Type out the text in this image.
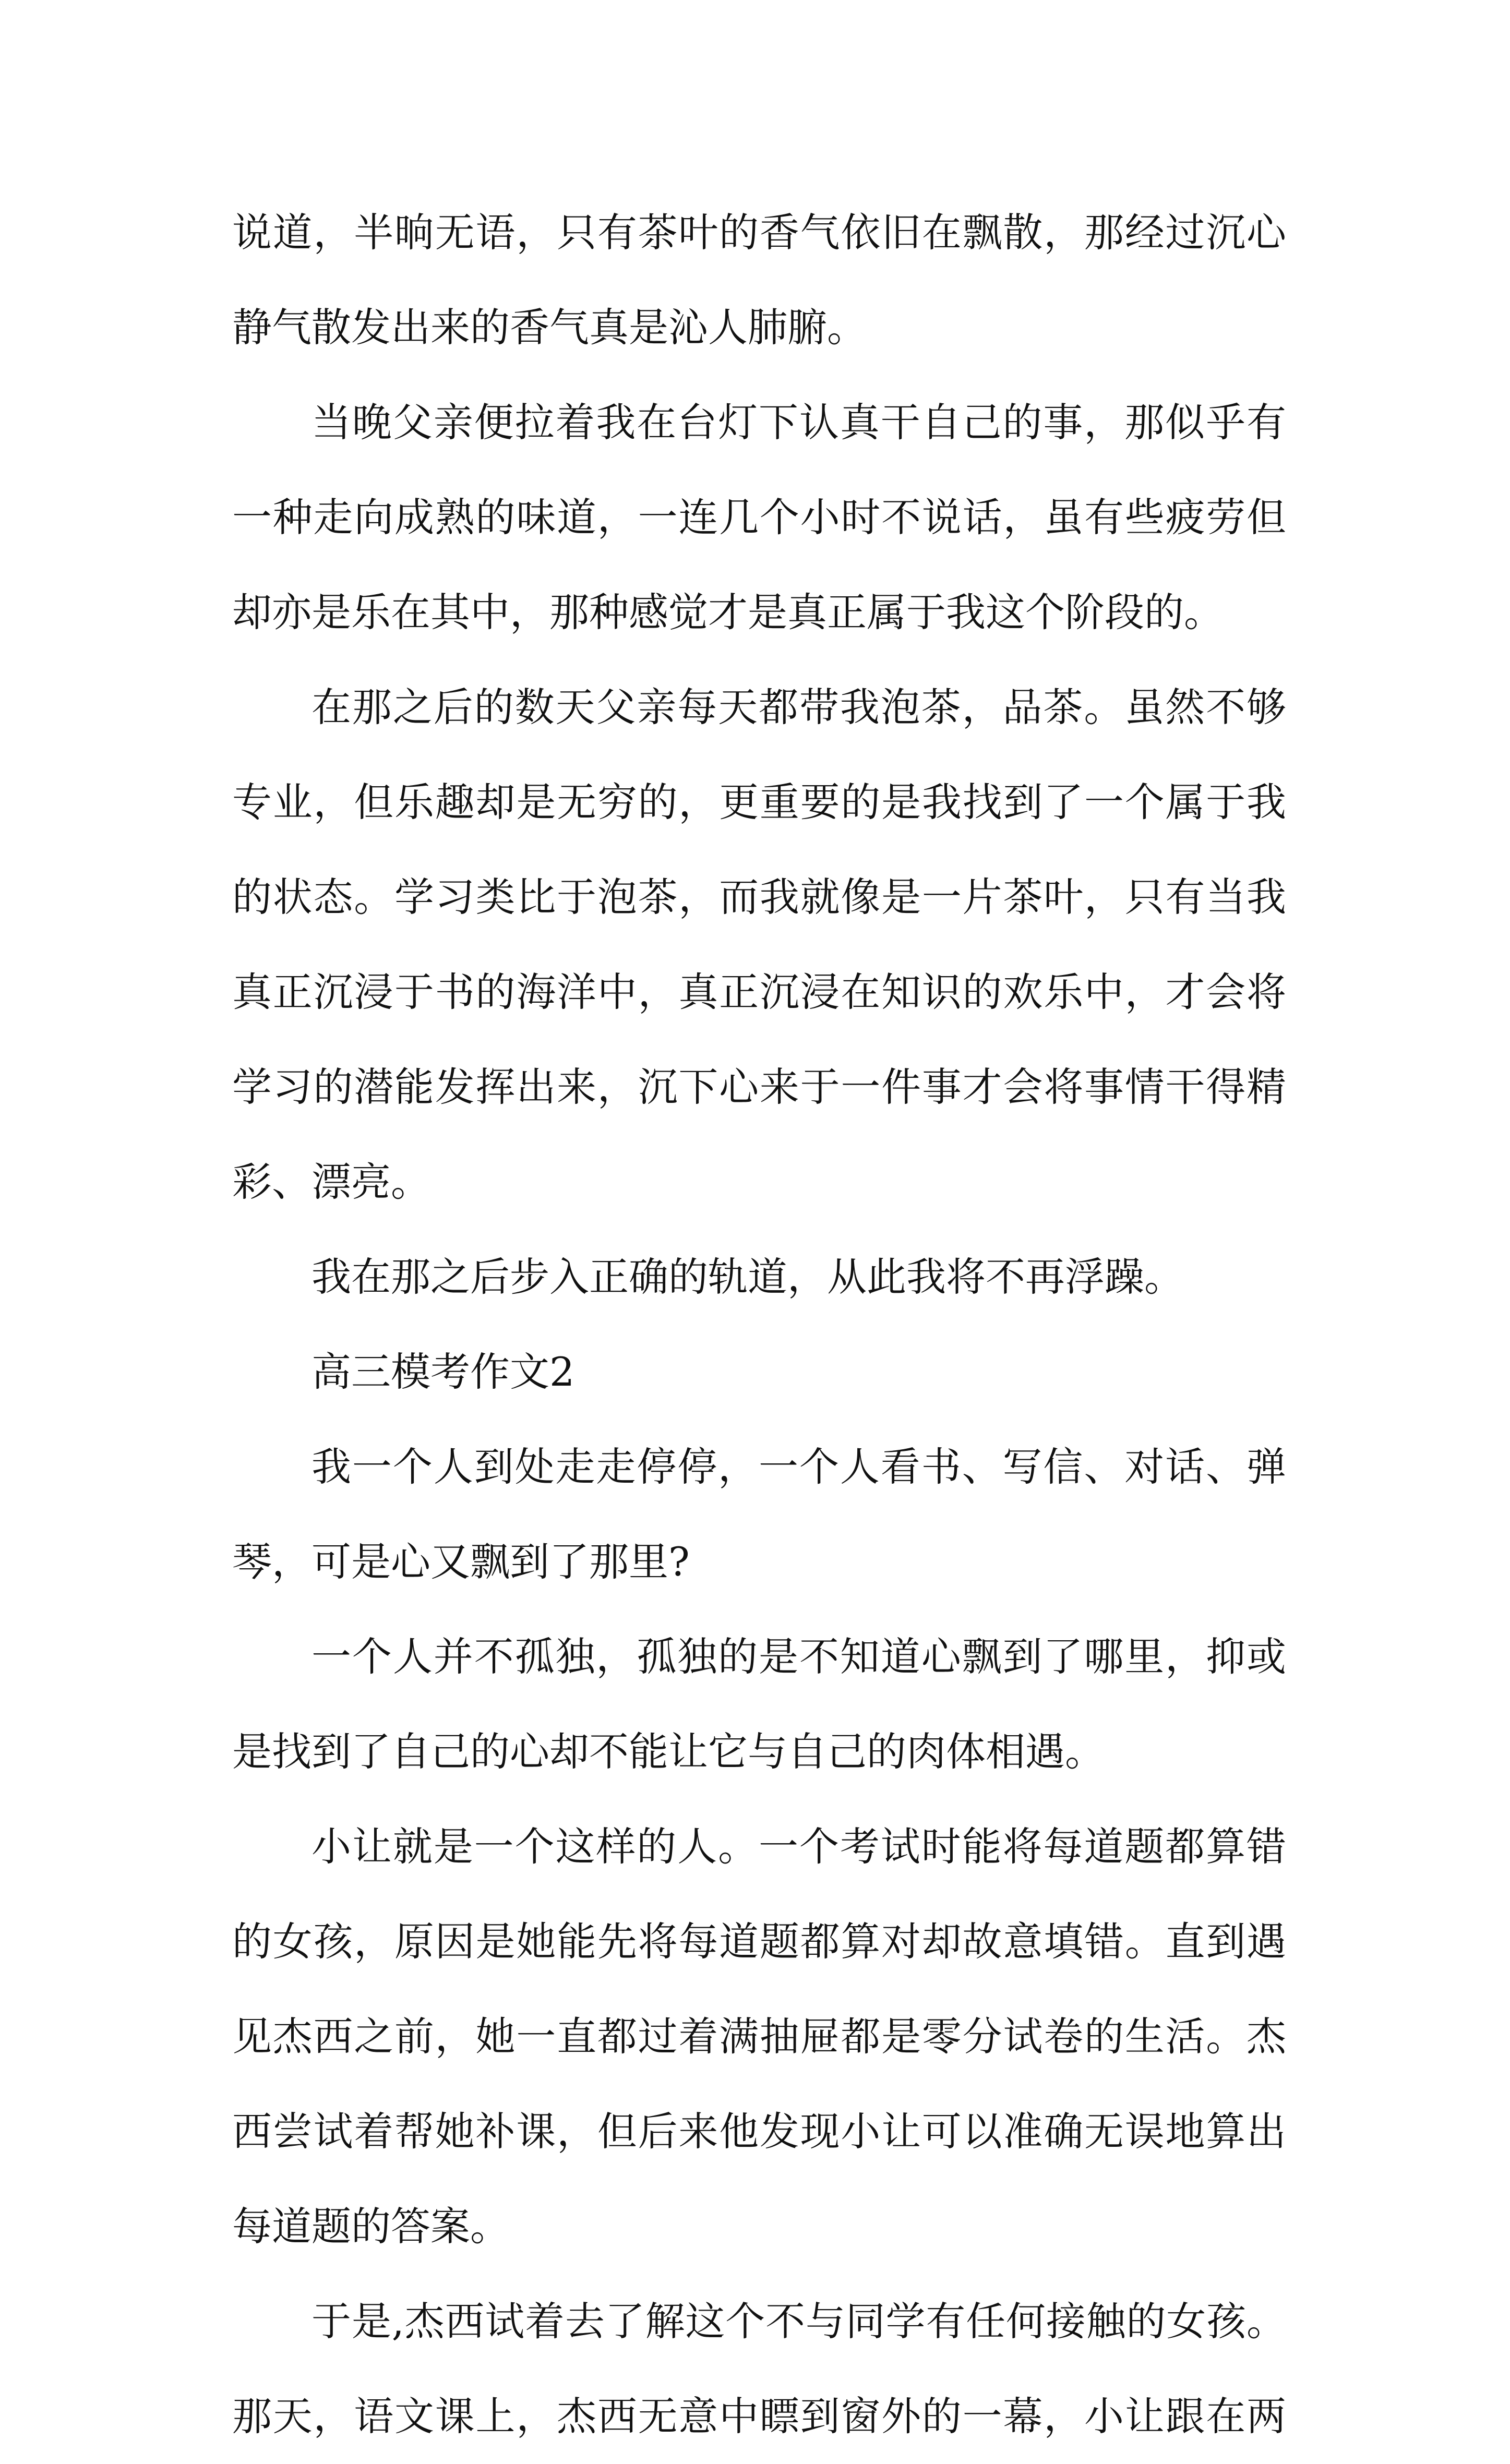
说道，半晌无语，只有茶叶的香气依旧在飘散，那经过沉心
静气散发出来的香气真是沁人肺腑。
当晚父亲便拉着我在台灯下认真干自己的事，那似乎有
一种走向成熟的味道，一连几个小时不说话，虽有些疲劳但
却亦是乐在其中，那种感觉才是真正属于我这个阶段的。
在那之后的数天父亲每天都带我泡茶，品茶。虽然不够
专业，但乐趣却是无穷的，更重要的是我找到了一个属于我
的状态。学习类比于泡茶，而我就像是一片茶叶，只有当我
真正沉浸于书的海洋中，真正沉浸在知识的欢乐中，才会将
学习的潜能发挥出来，沉下心来于一件事才会将事情干得精
彩、漂亮。
我在那之后步入正确的轨道，从此我将不再浮躁。
高三模考作文2
我一个人到处走走停停，一个人看书、写信、对话、弹
琴，可是心又飘到了那里?
一个人并不孤独，孤独的是不知道心飘到了哪里，抑或
是找到了自己的心却不能让它与自己的肉体相遇。
小让就是一个这样的人。一个考试时能将每道题都算错
的女孩，原因是她能先将每道题都算对却故意填错。直到遇
见杰西之前，她一直都过着满抽屉都是零分试卷的生活。杰
西尝试着帮她补课，但后来他发现小让可以准确无误地算出
每道题的答案。
于是,杰西试着去了解这个不与同学有任何接触的女孩。
那天，语文课上，杰西无意中瞟到窗外的一幕，小让跟在两
